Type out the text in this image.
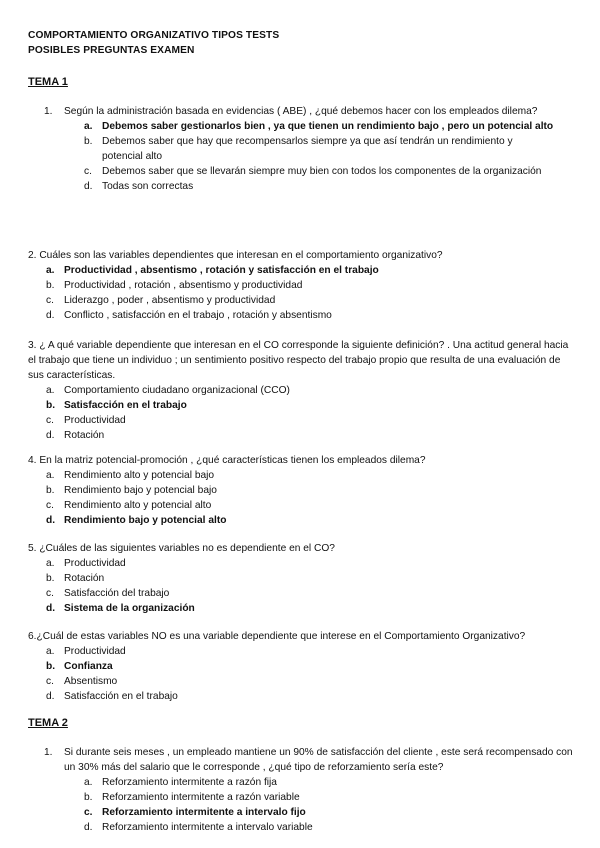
COMPORTAMIENTO ORGANIZATIVO TIPOS TESTS
POSIBLES PREGUNTAS EXAMEN
TEMA 1
1.	Según la administración basada en evidencias ( ABE) , ¿qué debemos hacer con los empleados dilema?
a. Debemos saber gestionarlos bien , ya que tienen un rendimiento bajo , pero un potencial alto
b. Debemos saber que hay que recompensarlos siempre ya que así tendrán un rendimiento y potencial alto
c. Debemos saber que se llevarán siempre muy bien con todos los componentes de la organización
d. Todas son correctas
2. Cuáles son las variables dependientes que interesan en el comportamiento organizativo?
a. Productividad , absentismo , rotación y satisfacción en el trabajo
b. Productividad , rotación , absentismo y productividad
c. Liderazgo , poder , absentismo y productividad
d. Conflicto , satisfacción en el trabajo , rotación y absentismo
3. ¿ A qué variable dependiente que interesan en el CO corresponde la siguiente definición? . Una actitud general hacia el trabajo que tiene un individuo ; un sentimiento positivo respecto del trabajo propio que resulta de una evaluación de sus características.
a. Comportamiento ciudadano organizacional (CCO)
b. Satisfacción en el trabajo
c. Productividad
d. Rotación
4. En la matriz potencial-promoción , ¿qué características tienen los empleados dilema?
a. Rendimiento alto y potencial bajo
b. Rendimiento bajo y potencial bajo
c. Rendimiento alto y potencial alto
d. Rendimiento bajo y potencial alto
5. ¿Cuáles de las siguientes variables no es dependiente en el CO?
a. Productividad
b. Rotación
c. Satisfacción del trabajo
d. Sistema de la organización
6.¿Cuál de estas variables NO es una variable dependiente que interese en el Comportamiento Organizativo?
a. Productividad
b. Confianza
c. Absentismo
d. Satisfacción en el trabajo
TEMA 2
1.	Si durante seis meses , un empleado mantiene un 90% de satisfacción del cliente , este será recompensado con un 30% más del salario que le corresponde , ¿qué tipo de reforzamiento sería este?
a. Reforzamiento intermitente a razón fija
b. Reforzamiento intermitente a razón variable
c. Reforzamiento intermitente a intervalo fijo
d. Reforzamiento intermitente a intervalo variable
